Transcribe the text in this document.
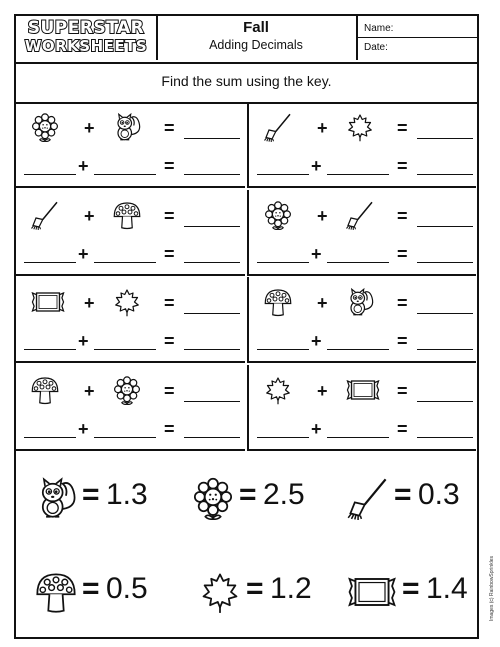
SUPERSTAR
WORKSHEETS
Fall
Adding Decimals
Name:
Date:
Find the sum using the key.
+	=
+	=
+	=
+	=
+	=
+	=
+	=
+	=
+	=
+	=
+	=
+	=
+	=
+	=
+	=
+	=
= 1.3	= 2.5	= 0.3
= 0.5	= 1.2	= 1.4	Images (c) RainbowSprinkles
